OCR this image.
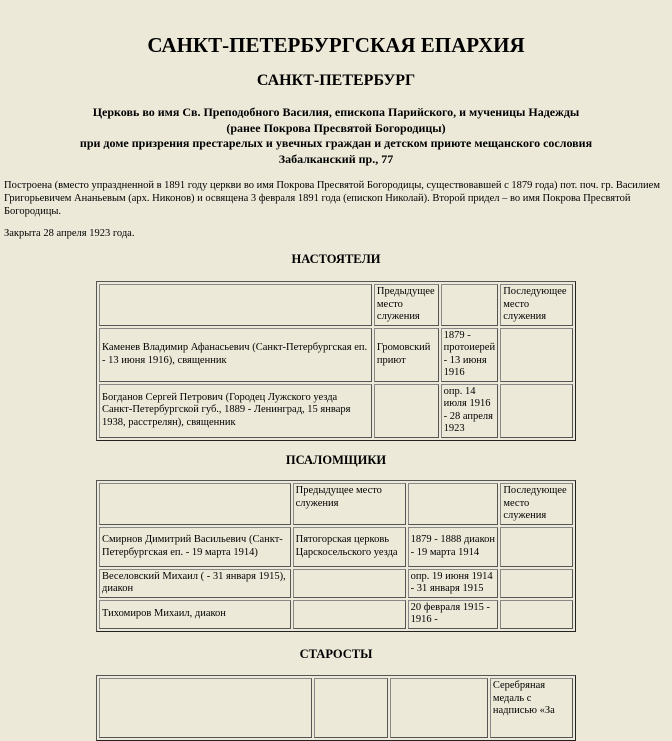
САНКТ-ПЕТЕРБУРГСКАЯ ЕПАРХИЯ
САНКТ-ПЕТЕРБУРГ
Церковь во имя Св. Преподобного Василия, епископа Парийского, и мученицы Надежды
(ранее Покрова Пресвятой Богородицы)
при доме призрения престарелых и увечных граждан и детском приюте мещанского сословия
Забалканский пр., 77
Построена (вместо упраздненной в 1891 году церкви во имя Покрова Пресвятой Богородицы, существовавшей с 1879 года) пот. поч. гр. Василием Григорьевичем Ананьевым (арх. Никонов) и освящена 3 февраля 1891 года (епископ Николай). Второй придел – во имя Покрова Пресвятой Богородицы.
Закрыта 28 апреля 1923 года.
НАСТОЯТЕЛИ
	Предыдущее место служения		Последующее место служения
Каменев Владимир Афанасьевич (Санкт-Петербургская еп. - 13 июня 1916), священник	Громовский приют	1879 - протоиерей - 13 июня 1916	
Богданов Сергей Петрович (Городец Лужского уезда Санкт-Петербургской губ., 1889 - Ленинград, 15 января 1938, расстрелян), священник		опр. 14 июля 1916 - 28 апреля 1923	
ПСАЛОМЩИКИ
	Предыдущее место служения		Последующее место служения
Смирнов Димитрий Васильевич (Санкт-Петербургская еп. - 19 марта 1914)	Пятогорская церковь Царскосельского уезда	1879 - 1888 диакон - 19 марта 1914	
Веселовский Михаил ( - 31 января 1915), диакон		опр. 19 июня 1914 - 31 января 1915	
Тихомиров Михаил, диакон		20 февраля 1915 - 1916 -	
СТАРОСТЫ
			Серебряная медаль с надписью «За
